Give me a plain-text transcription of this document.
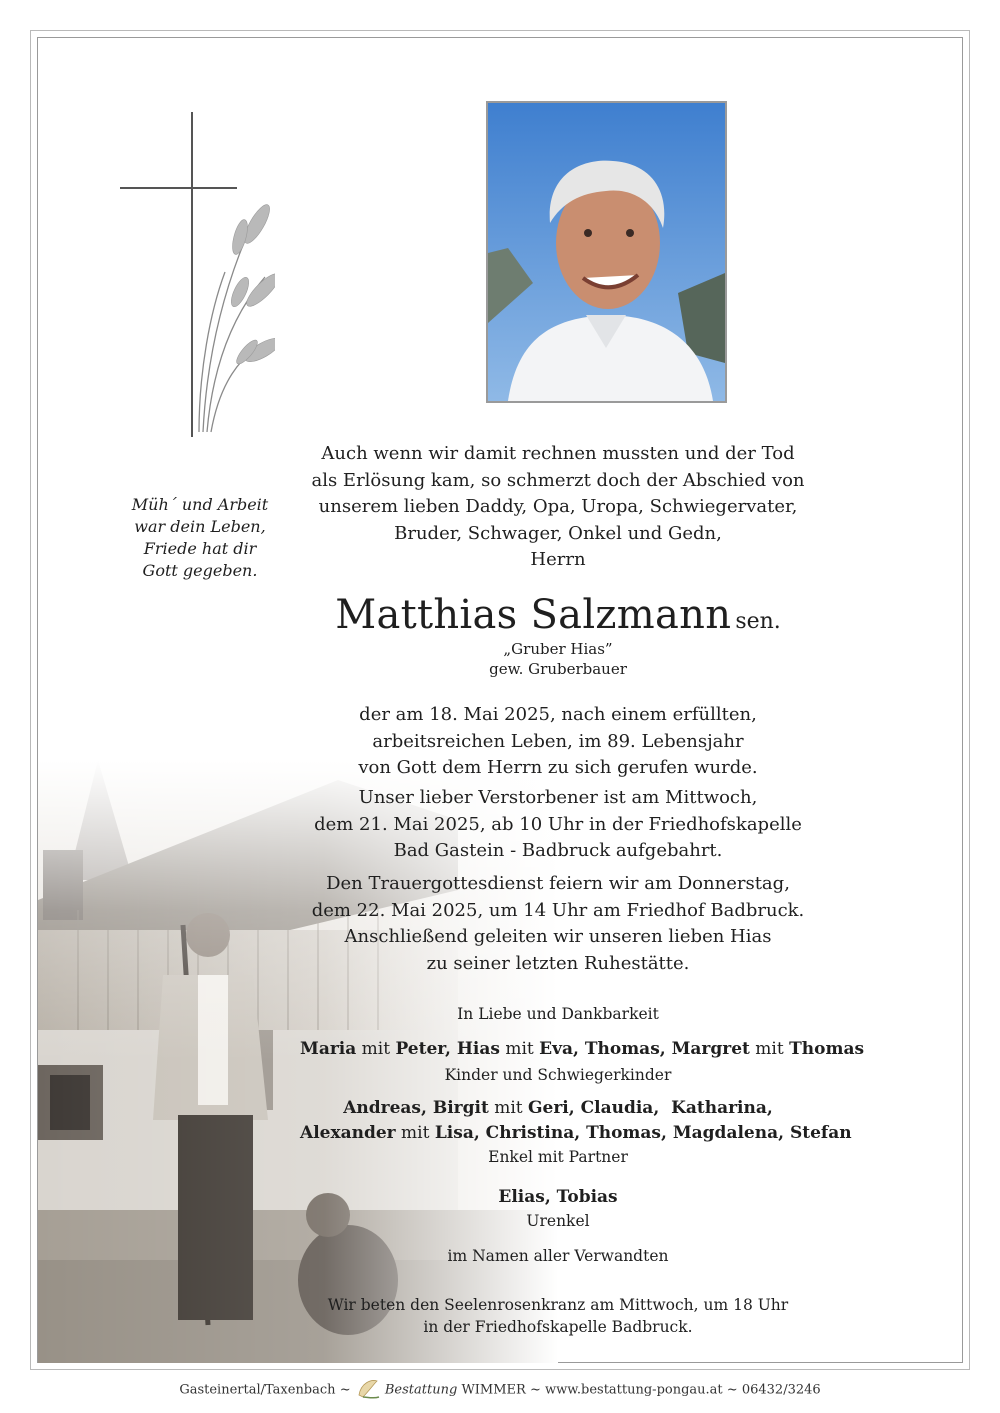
Müh´ und Arbeit
war dein Leben,
Friede hat dir
Gott gegeben.
Auch wenn wir damit rechnen mussten und der Tod
als Erlösung kam, so schmerzt doch der Abschied von
unserem lieben Daddy, Opa, Uropa, Schwiegervater,
Bruder, Schwager, Onkel und Gedn,
Herrn
Matthias Salzmann sen.
„Gruber Hias”
gew. Gruberbauer
der am 18. Mai 2025, nach einem erfüllten,
arbeitsreichen Leben, im 89. Lebensjahr
von Gott dem Herrn zu sich gerufen wurde.
Unser lieber Verstorbener ist am Mittwoch,
dem 21. Mai 2025, ab 10 Uhr in der Friedhofskapelle
Bad Gastein - Badbruck aufgebahrt.
Den Trauergottesdienst feiern wir am Donnerstag,
dem 22. Mai 2025, um 14 Uhr am Friedhof Badbruck.
Anschließend geleiten wir unseren lieben Hias
zu seiner letzten Ruhestätte.
In Liebe und Dankbarkeit
Maria mit Peter, Hias mit Eva, Thomas, Margret mit Thomas
Kinder und Schwiegerkinder
Andreas, Birgit mit Geri, Claudia,  Katharina,
Alexander mit Lisa, Christina, Thomas, Magdalena, Stefan
Enkel mit Partner
Elias, Tobias
Urenkel
im Namen aller Verwandten
Wir beten den Seelenrosenkranz am Mittwoch, um 18 Uhr
in der Friedhofskapelle Badbruck.
Gasteinertal/Taxenbach ~	Bestattung WIMMER ~ www.bestattung-pongau.at ~ 06432/3246
